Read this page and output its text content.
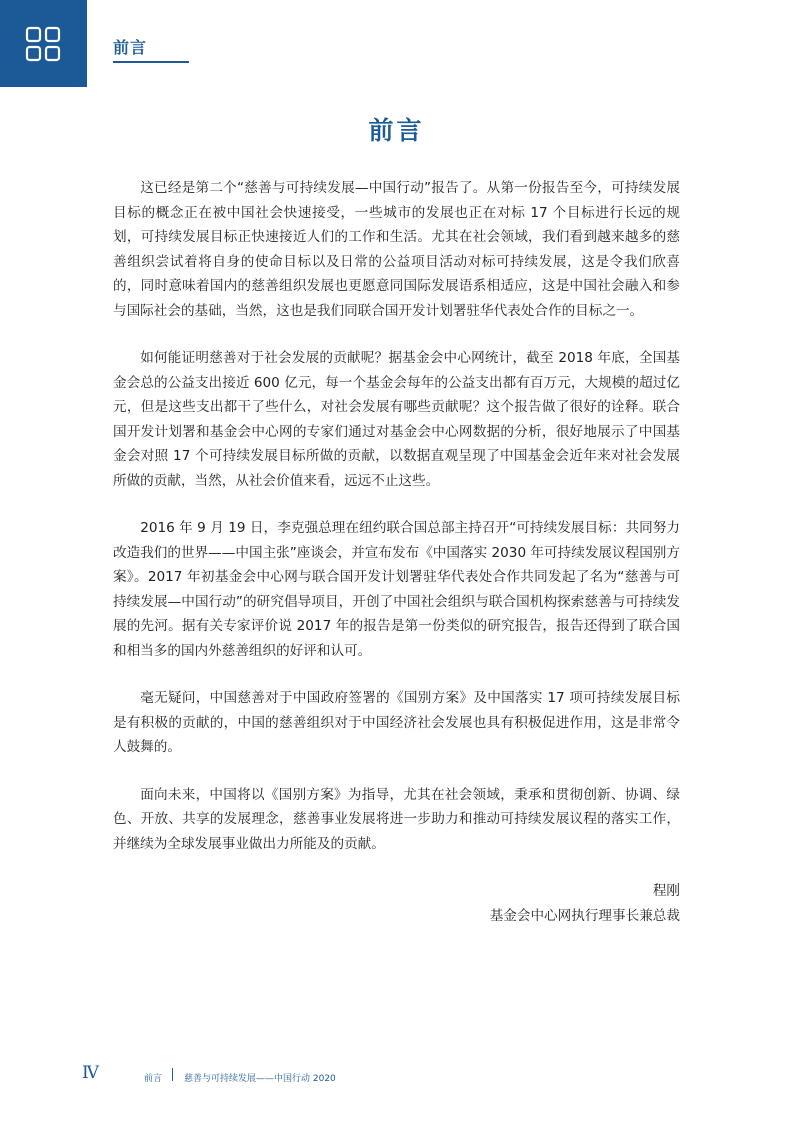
前言
前言

这已经是第二个“慈善与可持续发展—中国行动”报告了。从第一份报告至今，可持续发展目标的概念正在被中国社会快速接受，一些城市的发展也正在对标 17 个目标进行长远的规划，可持续发展目标正快速接近人们的工作和生活。尤其在社会领域，我们看到越来越多的慈善组织尝试着将自身的使命目标以及日常的公益项目活动对标可持续发展，这是令我们欣喜的，同时意味着国内的慈善组织发展也更愿意同国际发展语系相适应，这是中国社会融入和参与国际社会的基础，当然，这也是我们同联合国开发计划署驻华代表处合作的目标之一。

如何能证明慈善对于社会发展的贡献呢？据基金会中心网统计，截至 2018 年底，全国基金会总的公益支出接近 600 亿元，每一个基金会每年的公益支出都有百万元，大规模的超过亿元，但是这些支出都干了些什么，对社会发展有哪些贡献呢？这个报告做了很好的诠释。联合国开发计划署和基金会中心网的专家们通过对基金会中心网数据的分析，很好地展示了中国基金会对照 17 个可持续发展目标所做的贡献，以数据直观呈现了中国基金会近年来对社会发展所做的贡献，当然，从社会价值来看，远远不止这些。

2016 年 9 月 19 日，李克强总理在纽约联合国总部主持召开“可持续发展目标：共同努力改造我们的世界——中国主张”座谈会，并宣布发布《中国落实 2030 年可持续发展议程国别方案》。2017 年初基金会中心网与联合国开发计划署驻华代表处合作共同发起了名为“慈善与可持续发展—中国行动”的研究倡导项目，开创了中国社会组织与联合国机构探索慈善与可持续发展的先河。据有关专家评价说 2017 年的报告是第一份类似的研究报告，报告还得到了联合国和相当多的国内外慈善组织的好评和认可。

毫无疑问，中国慈善对于中国政府签署的《国别方案》及中国落实 17 项可持续发展目标是有积极的贡献的，中国的慈善组织对于中国经济社会发展也具有积极促进作用，这是非常令人鼓舞的。

面向未来，中国将以《国别方案》为指导，尤其在社会领域，秉承和贯彻创新、协调、绿色、开放、共享的发展理念，慈善事业发展将进一步助力和推动可持续发展议程的落实工作，并继续为全球发展事业做出力所能及的贡献。

程刚
基金会中心网执行理事长兼总裁
Ⅳ	前言 慈善与可持续发展——中国行动 2020
